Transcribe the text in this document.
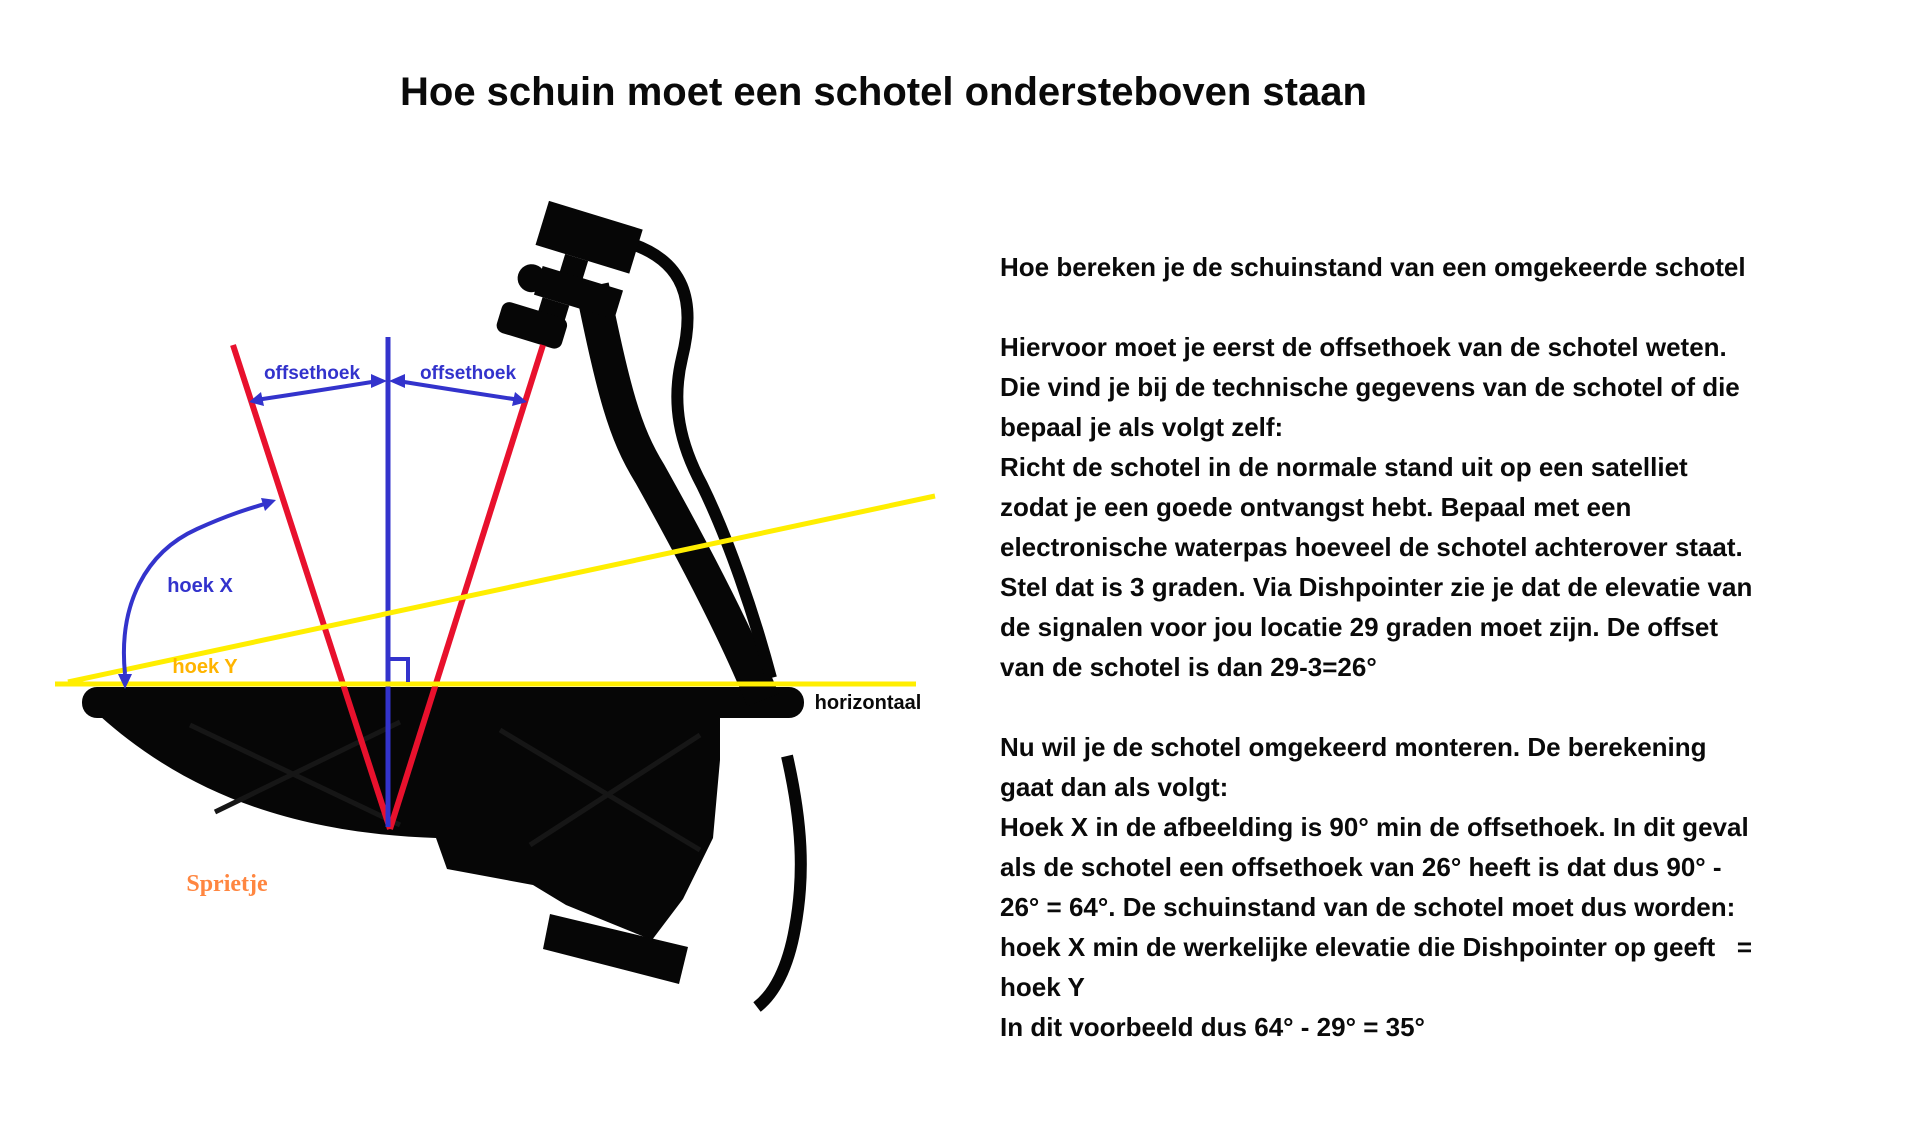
Hoe schuin moet een schotel ondersteboven staan
offsethoek	offsethoek
hoek X
hoek Y
horizontaal
Sprietje
Hoe bereken je de schuinstand van een omgekeerde schotel
Hiervoor moet je eerst de offsethoek van de schotel weten.
Die vind je bij de technische gegevens van de schotel of die
bepaal je als volgt zelf:
Richt de schotel in de normale stand uit op een satelliet
zodat je een goede ontvangst hebt. Bepaal met een
electronische waterpas hoeveel de schotel achterover staat.
Stel dat is 3 graden. Via Dishpointer zie je dat de elevatie van
de signalen voor jou locatie 29 graden moet zijn. De offset
van de schotel is dan 29-3=26°
Nu wil je de schotel omgekeerd monteren. De berekening
gaat dan als volgt:
Hoek X in de afbeelding is 90° min de offsethoek. In dit geval
als de schotel een offsethoek van 26° heeft is dat dus 90° -
26° = 64°. De schuinstand van de schotel moet dus worden:
hoek X min de werkelijke elevatie die Dishpointer op geeft   =
hoek Y
In dit voorbeeld dus 64° - 29° = 35°
